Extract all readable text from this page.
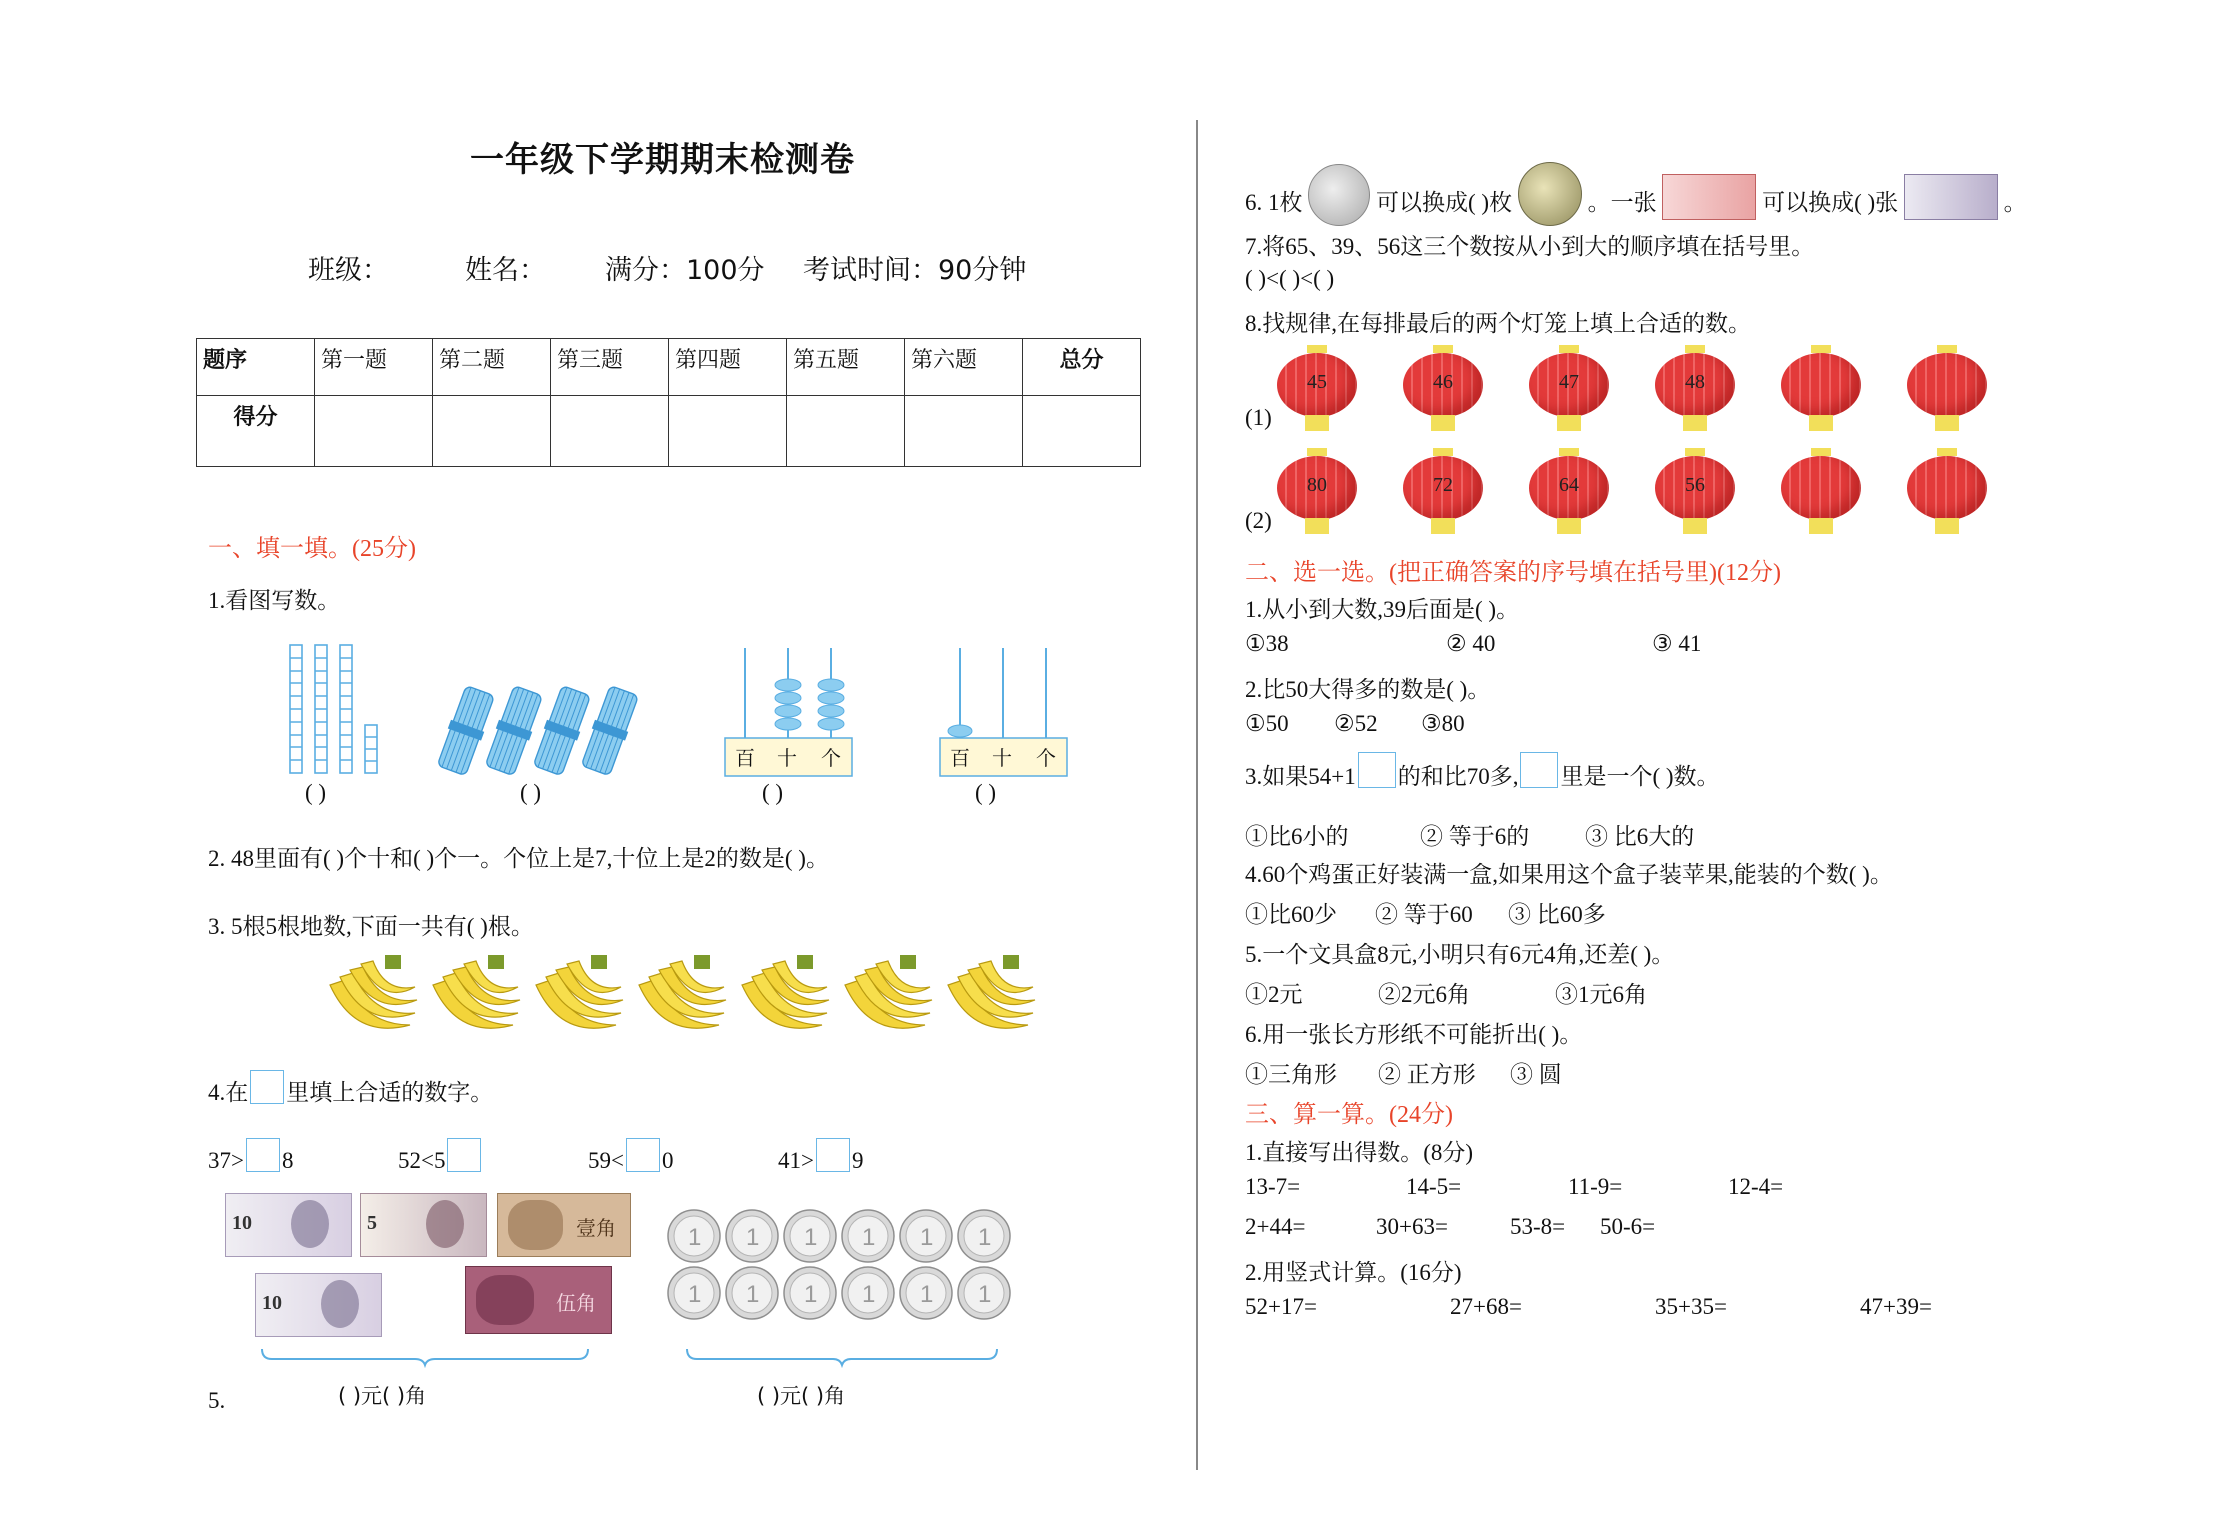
一年级下学期期末检测卷
班级：	姓名： 满分：100分 考试时间：90分钟
题序	第一题	第二题	第三题	第四题	第五题	第六题	总分
得分							
一、填一填。(25分)
1.看图写数。
百 十 个	百 十 个
( )	( )	( )	( )
2. 48里面有( )个十和( )个一。个位上是7,十位上是2的数是( )。
3. 5根5根地数,下面一共有( )根。
4.在 里填上合适的数字。
37> 8	52<5	59< 0	41> 9
10	5	壹角
10	伍角
5.	( )元( )角	( )元( )角
6. 1枚	可以换成( )枚	。一张	可以换成( )张	。
7.将65、39、56这三个数按从小到大的顺序填在括号里。
( )<( )<( )
8.找规律,在每排最后的两个灯笼上填上合适的数。
(1)
(2)
45	46	47	48
80	72	64	56
二、选一选。(把正确答案的序号填在括号里)(12分)
1.从小到大数,39后面是( )。
①38	② 40	③ 41
2.比50大得多的数是( )。
①50 ②52 ③80
3.如果54+1 的和比70多, 里是一个( )数。
①比6小的	② 等于6的 ③ 比6大的
4.60个鸡蛋正好装满一盒,如果用这个盒子装苹果,能装的个数( )。
①比60少 ② 等于60 ③ 比60多
5.一个文具盒8元,小明只有6元4角,还差( )。
①2元	②2元6角	③1元6角
6.用一张长方形纸不可能折出( )。
①三角形 ② 正方形 ③ 圆
三、算一算。(24分)
1.直接写出得数。(8分)
13-7=	14-5=	11-9=	12-4=
2+44=	30+63=	53-8= 50-6=
2.用竖式计算。(16分)
52+17=	27+68=	35+35=	47+39=
